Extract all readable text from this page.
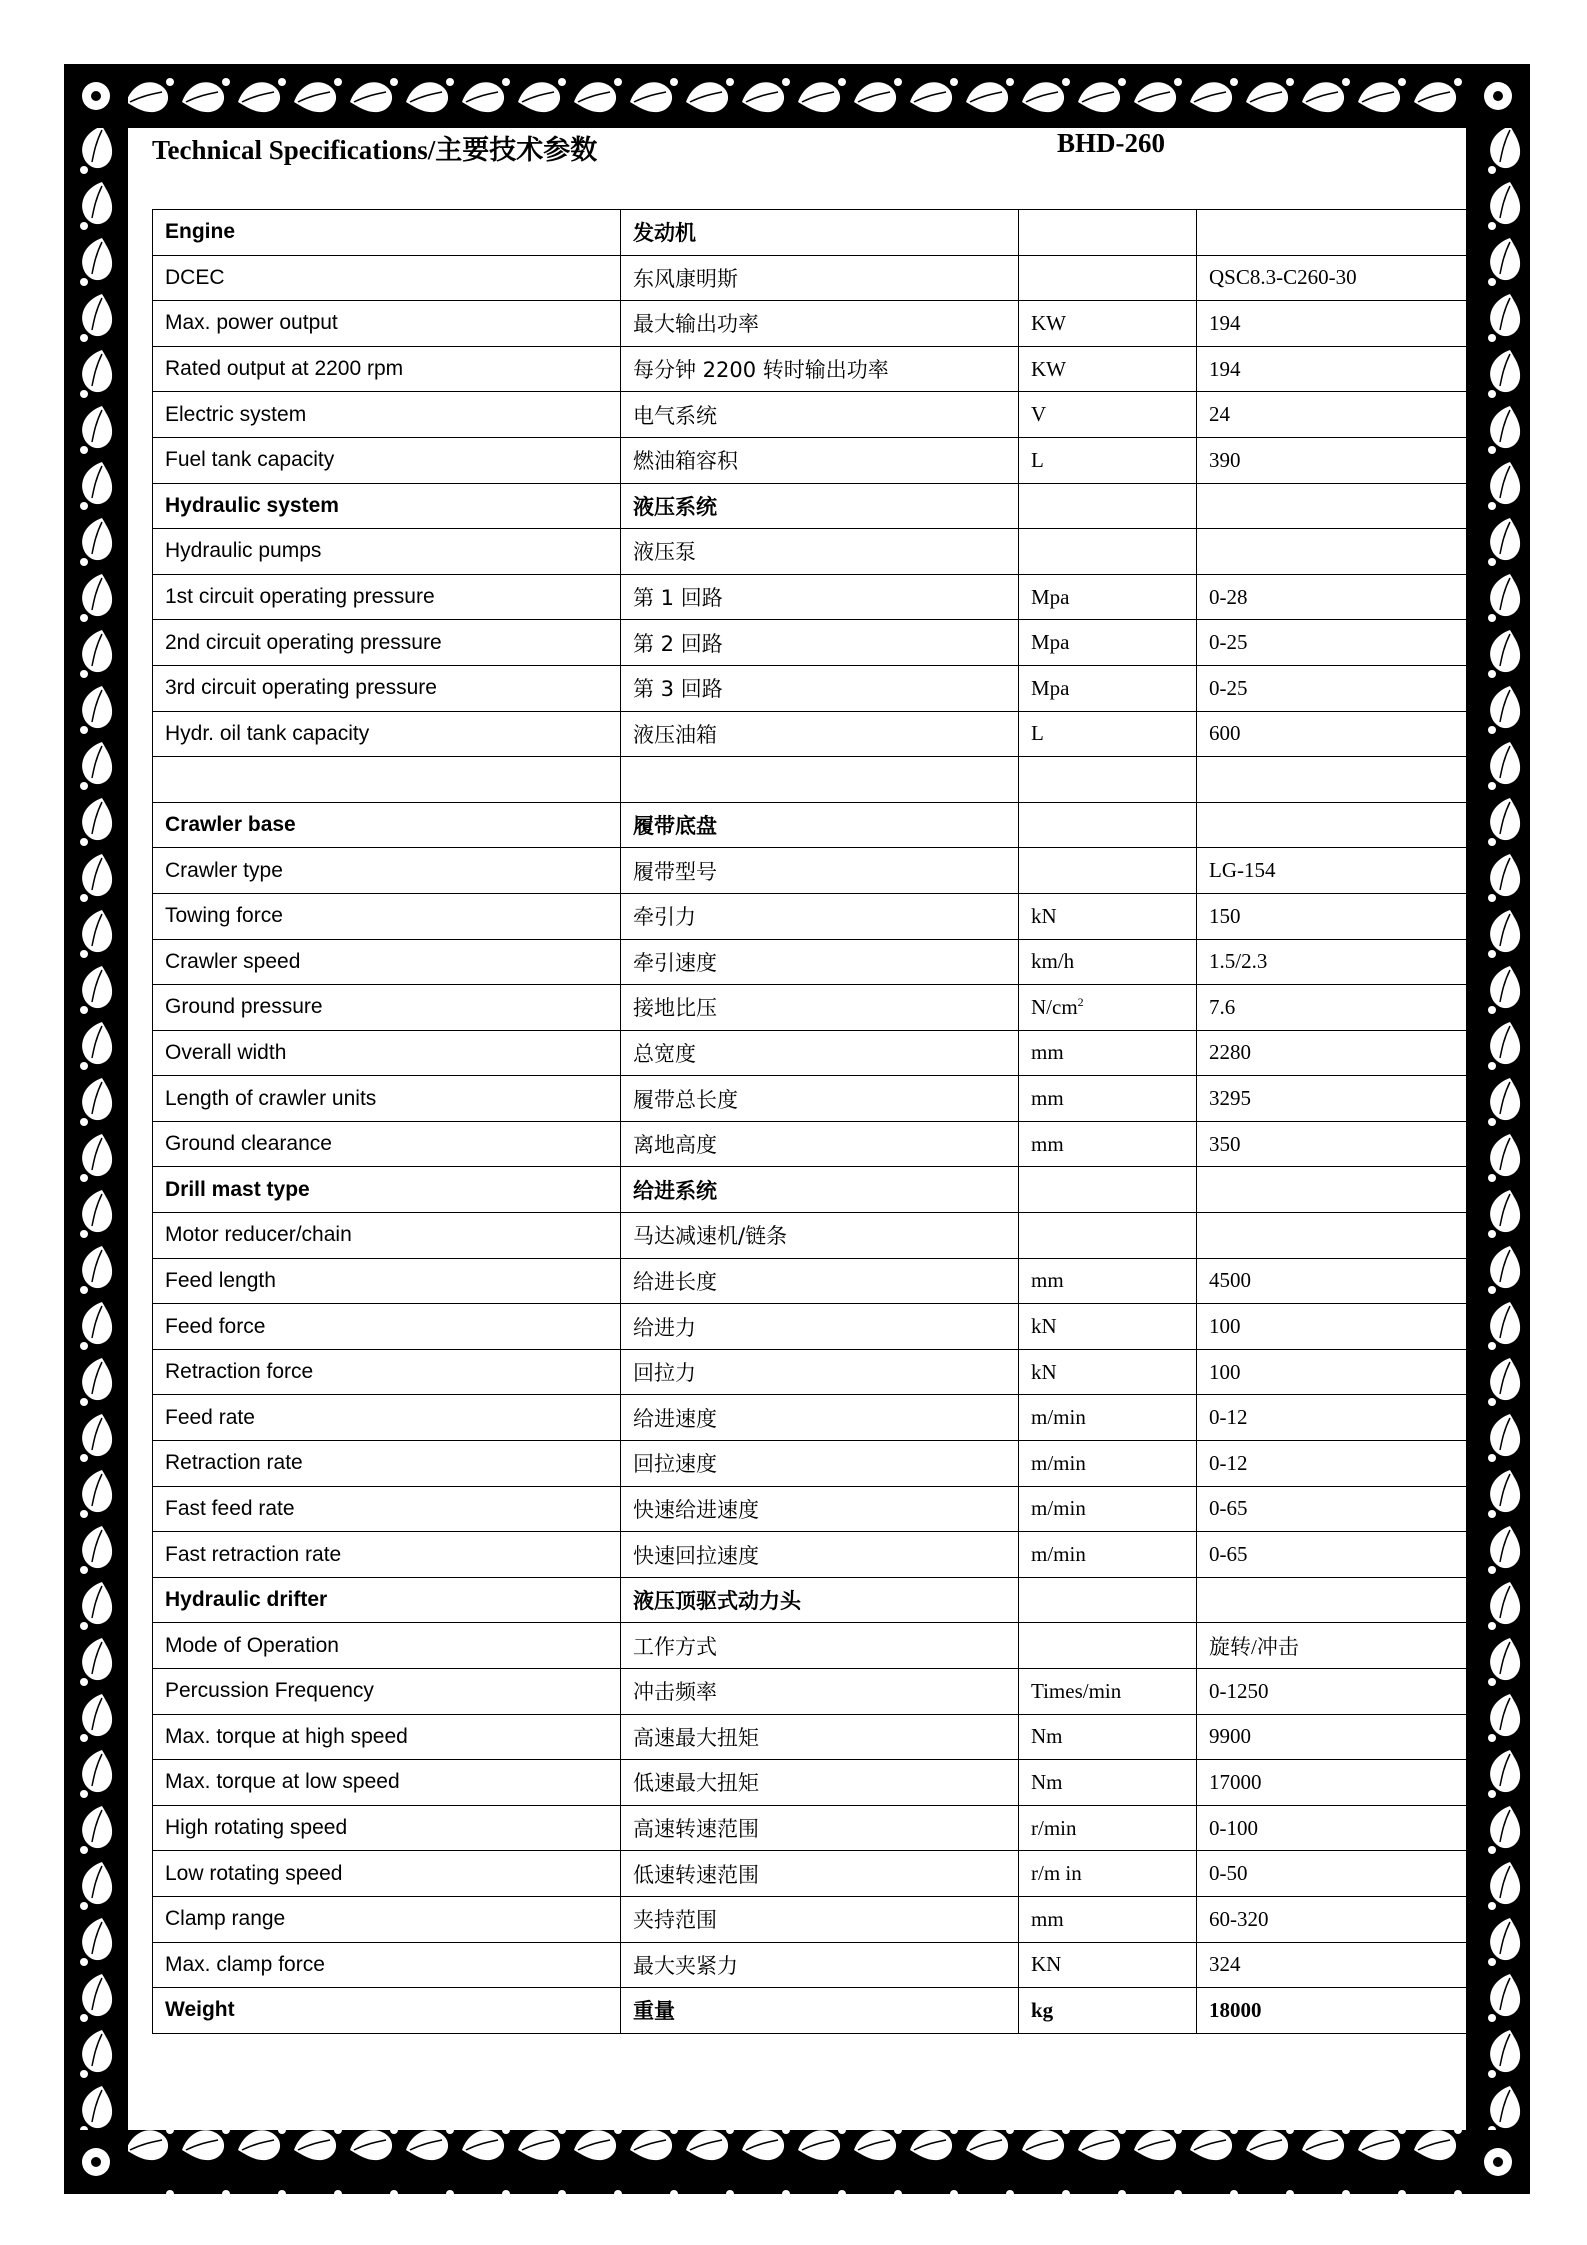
Technical Specifications/主要技术参数	BHD-260
Engine	发动机		
DCEC	东风康明斯		QSC8.3-C260-30
Max. power output	最大输出功率	KW	194
Rated output at 2200 rpm	每分钟 2200 转时输出功率	KW	194
Electric system	电气系统	V	24
Fuel tank capacity	燃油箱容积	L	390
Hydraulic system	液压系统		
Hydraulic pumps	液压泵		
1st circuit operating pressure	第 1 回路	Mpa	0-28
2nd circuit operating pressure	第 2 回路	Mpa	0-25
3rd circuit operating pressure	第 3 回路	Mpa	0-25
Hydr. oil tank capacity	液压油箱	L	600

Crawler base	履带底盘		
Crawler type	履带型号		LG-154
Towing force	牵引力	kN	150
Crawler speed	牵引速度	km/h	1.5/2.3
Ground pressure	接地比压	$N/cm^2$	7.6
Overall width	总宽度	mm	2280
Length of crawler units	履带总长度	mm	3295
Ground clearance	离地高度	mm	350
Drill mast type	给进系统		
Motor reducer/chain	马达减速机/链条		
Feed length	给进长度	mm	4500
Feed force	给进力	kN	100
Retraction force	回拉力	kN	100
Feed rate	给进速度	m/min	0-12
Retraction rate	回拉速度	m/min	0-12
Fast feed rate	快速给进速度	m/min	0-65
Fast retraction rate	快速回拉速度	m/min	0-65
Hydraulic drifter	液压顶驱式动力头		
Mode of Operation	工作方式		旋转/冲击
Percussion Frequency	冲击频率	Times/min	0-1250
Max. torque at high speed	高速最大扭矩	Nm	9900
Max. torque at low speed	低速最大扭矩	Nm	17000
High rotating speed	高速转速范围	r/min	0-100
Low rotating speed	低速转速范围	r/m in	0-50
Clamp range	夹持范围	mm	60-320
Max. clamp force	最大夹紧力	KN	324
Weight	重量	kg	18000
